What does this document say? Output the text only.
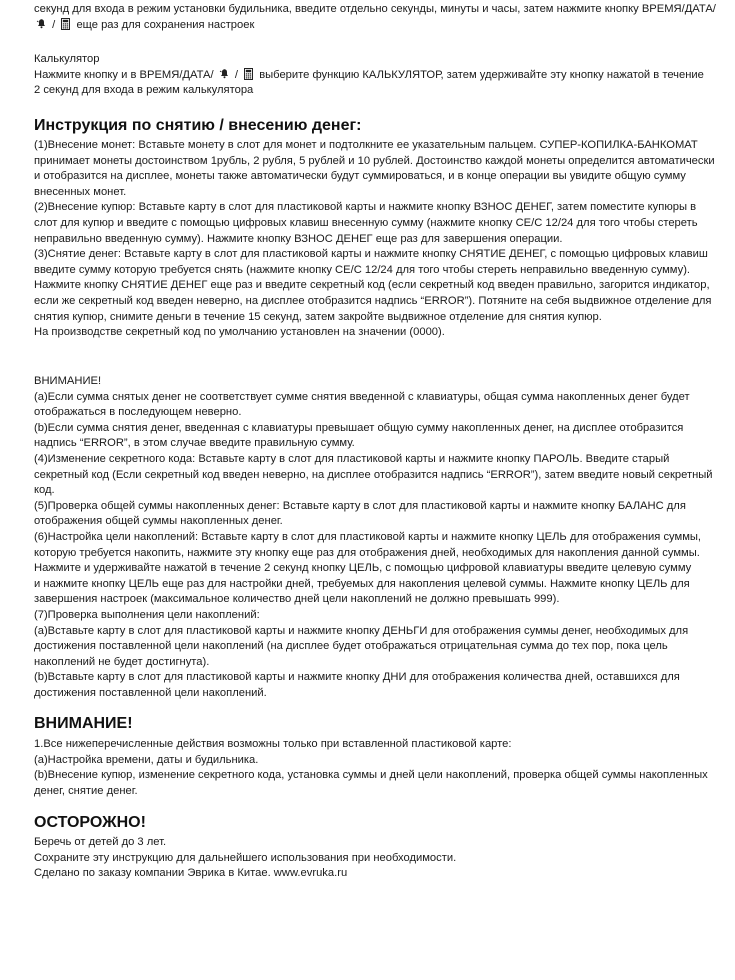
секунд для входа в режим установки будильника, введите отдельно секунды, минуты и часы, затем нажмите кнопку ВРЕМЯ/ДАТА/
/ еще раз для сохранения настроек
Калькулятор
Нажмите кнопку и в ВРЕМЯ/ДАТА/ / выберите функцию КАЛЬКУЛЯТОР, затем удерживайте эту кнопку нажатой в течение
2 секунд для входа в режим калькулятора
Инструкция по снятию / внесению денег:
(1)Внесение монет: Вставьте монету в слот для монет и подтолкните ее указательным пальцем. СУПЕР-КОПИЛКА-БАНКОМАТ
принимает монеты достоинством 1рубль, 2 рубля, 5 рублей и 10 рублей. Достоинство каждой монеты определится автоматически
и отобразится на дисплее, монеты также автоматически будут суммироваться, и в конце операции вы увидите общую сумму
внесенных монет.
(2)Внесение купюр: Вставьте карту в слот для пластиковой карты и нажмите кнопку ВЗНОС ДЕНЕГ, затем поместите купюры в
слот для купюр и введите с помощью цифровых клавиш внесенную сумму (нажмите кнопку CE/C 12/24 для того чтобы стереть
неправильно введенную сумму). Нажмите кнопку ВЗНОС ДЕНЕГ еще раз для завершения операции.
(3)Снятие денег: Вставьте карту в слот для пластиковой карты и нажмите кнопку СНЯТИЕ ДЕНЕГ, с помощью цифровых клавиш
введите сумму которую требуется снять (нажмите кнопку CE/C 12/24 для того чтобы стереть неправильно введенную сумму).
Нажмите кнопку СНЯТИЕ ДЕНЕГ еще раз и введите секретный код (если секретный код введен правильно, загорится индикатор,
если же секретный код введен неверно, на дисплее отобразится надпись “ERROR”). Потяните на себя выдвижное отделение для
снятия купюр, снимите деньги в течение 15 секунд, затем закройте выдвижное отделение для снятия купюр.
На производстве секретный код по умолчанию установлен на значении (0000).
ВНИМАНИЕ!
(a)Если сумма снятых денег не соответствует сумме снятия введенной с клавиатуры, общая сумма накопленных денег будет
отображаться в последующем неверно.
(b)Если сумма снятия денег, введенная с клавиатуры превышает общую сумму накопленных денег, на дисплее отобразится
надпись “ERROR”, в этом случае введите правильную сумму.
(4)Изменение секретного кода: Вставьте карту в слот для пластиковой карты и нажмите кнопку ПАРОЛЬ. Введите старый
секретный код (Если секретный код введен неверно, на дисплее отобразится надпись “ERROR”), затем введите новый секретный
код.
(5)Проверка общей суммы накопленных денег: Вставьте карту в слот для пластиковой карты и нажмите кнопку БАЛАНС для
отображения общей суммы накопленных денег.
(6)Настройка цели накоплений: Вставьте карту в слот для пластиковой карты и нажмите кнопку ЦЕЛЬ для отображения суммы,
которую требуется накопить, нажмите эту кнопку еще раз для отображения дней, необходимых для накопления данной суммы.
Нажмите и удерживайте нажатой в течение 2 секунд кнопку ЦЕЛЬ, с помощью цифровой клавиатуры введите целевую сумму
и нажмите кнопку ЦЕЛЬ еще раз для настройки дней, требуемых для накопления целевой суммы. Нажмите кнопку ЦЕЛЬ для
завершения настроек (максимальное количество дней цели накоплений не должно превышать 999).
(7)Проверка выполнения цели накоплений:
(a)Вставьте карту в слот для пластиковой карты и нажмите кнопку ДЕНЬГИ для отображения суммы денег, необходимых для
достижения поставленной цели накоплений (на дисплее будет отображаться отрицательная сумма до тех пор, пока цель
накоплений не будет достигнута).
(b)Вставьте карту в слот для пластиковой карты и нажмите кнопку ДНИ для отображения количества дней, оставшихся для
достижения поставленной цели накоплений.
ВНИМАНИЕ!
1.Все нижеперечисленные действия возможны только при вставленной пластиковой карте:
(a)Настройка времени, даты и будильника.
(b)Внесение купюр, изменение секретного кода, установка суммы и дней цели накоплений, проверка общей суммы накопленных
денег, снятие денег.
ОСТОРОЖНО!
Беречь от детей до 3 лет.
Сохраните эту инструкцию для дальнейшего использования при необходимости.
Сделано по заказу компании Эврика в Китае. www.evruka.ru
